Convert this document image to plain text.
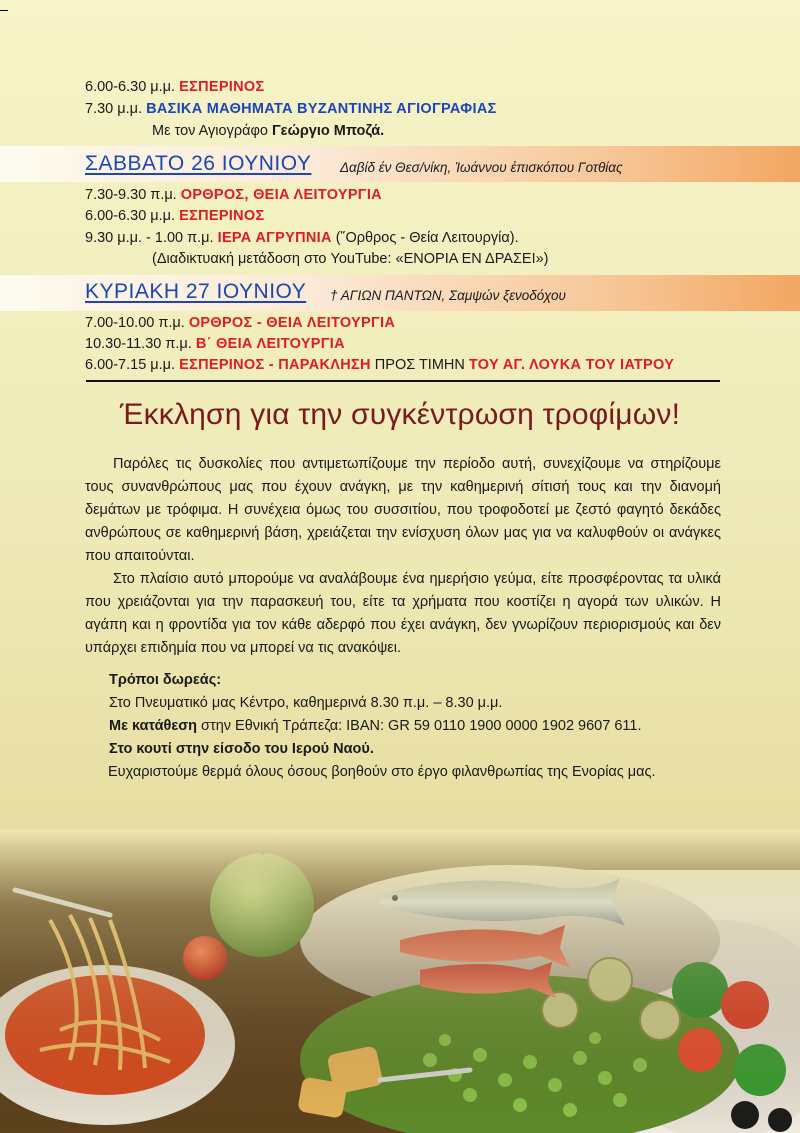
6.00-6.30 μ.μ. ΕΣΠΕΡΙΝΟΣ
7.30 μ.μ. ΒΑΣΙΚΑ ΜΑΘΗΜΑΤΑ ΒΥΖΑΝΤΙΝΗΣ ΑΓΙΟΓΡΑΦΙΑΣ
Με τον Αγιογράφο Γεώργιο Μποζά.
ΣΑΒΒΑΤΟ 26 ΙΟΥΝΙΟΥ Δαβίδ έν Θεσ/νίκη, Ἰωάννου ἐπισκόπου Γοτθίας
7.30-9.30 π.μ. ΟΡΘΡΟΣ, ΘΕΙΑ ΛΕΙΤΟΥΡΓΙΑ
6.00-6.30 μ.μ. ΕΣΠΕΡΙΝΟΣ
9.30 μ.μ. - 1.00 π.μ. ΙΕΡΑ ΑΓΡΥΠΝΙΑ (῎Ορθρος - Θεία Λειτουργία).
(Διαδικτυακή μετάδοση στο YouTube: «ΕΝΟΡΙΑ ΕΝ ΔΡΑΣΕΙ»)
ΚΥΡΙΑΚΗ 27 ΙΟΥΝΙΟΥ † ΑΓΙΩΝ ΠΑΝΤΩΝ, Σαμψών ξενοδόχου
7.00-10.00 π.μ. ΟΡΘΡΟΣ - ΘΕΙΑ ΛΕΙΤΟΥΡΓΙΑ
10.30-11.30 π.μ. Β΄ ΘΕΙΑ ΛΕΙΤΟΥΡΓΙΑ
6.00-7.15 μ.μ. ΕΣΠΕΡΙΝΟΣ - ΠΑΡΑΚΛΗΣΗ ΠΡΟΣ ΤΙΜΗΝ ΤΟΥ ΑΓ. ΛΟΥΚΑ ΤΟΥ ΙΑΤΡΟΥ
Έκκληση για την συγκέντρωση τροφίμων!

Παρόλες τις δυσκολίες που αντιμετωπίζουμε την περίοδο αυτή, συνεχίζουμε να στηρίζουμε τους συνανθρώπους μας που έχουν ανάγκη, με την καθημερινή σίτισή τους και την διανομή δεμάτων με τρόφιμα. Η συνέχεια όμως του συσσιτίου, που τροφοδοτεί με ζεστό φαγητό δεκάδες ανθρώπους σε καθημερινή βάση, χρειάζεται την ενίσχυση όλων μας για να καλυφθούν οι ανάγκες που απαιτούνται.

Στο πλαίσιο αυτό μπορούμε να αναλάβουμε ένα ημερήσιο γεύμα, είτε προσφέροντας τα υλικά που χρειάζονται για την παρασκευή του, είτε τα χρήματα που κοστίζει η αγορά των υλικών. Η αγάπη και η φροντίδα για τον κάθε αδερφό που έχει ανάγκη, δεν γνωρίζουν περιορισμούς και δεν υπάρχει επιδημία που να μπορεί να τις ανακόψει.

Τρόποι δωρεάς:
Στο Πνευματικό μας Κέντρο, καθημερινά 8.30 π.μ. – 8.30 μ.μ.
Με κατάθεση στην Εθνική Τράπεζα: IBAN: GR 59 0110 1900 0000 1902 9607 611.
Στο κουτί στην είσοδο του Ιερού Ναού.
Ευχαριστούμε θερμά όλους όσους βοηθούν στο έργο φιλανθρωπίας της Ενορίας μας.
